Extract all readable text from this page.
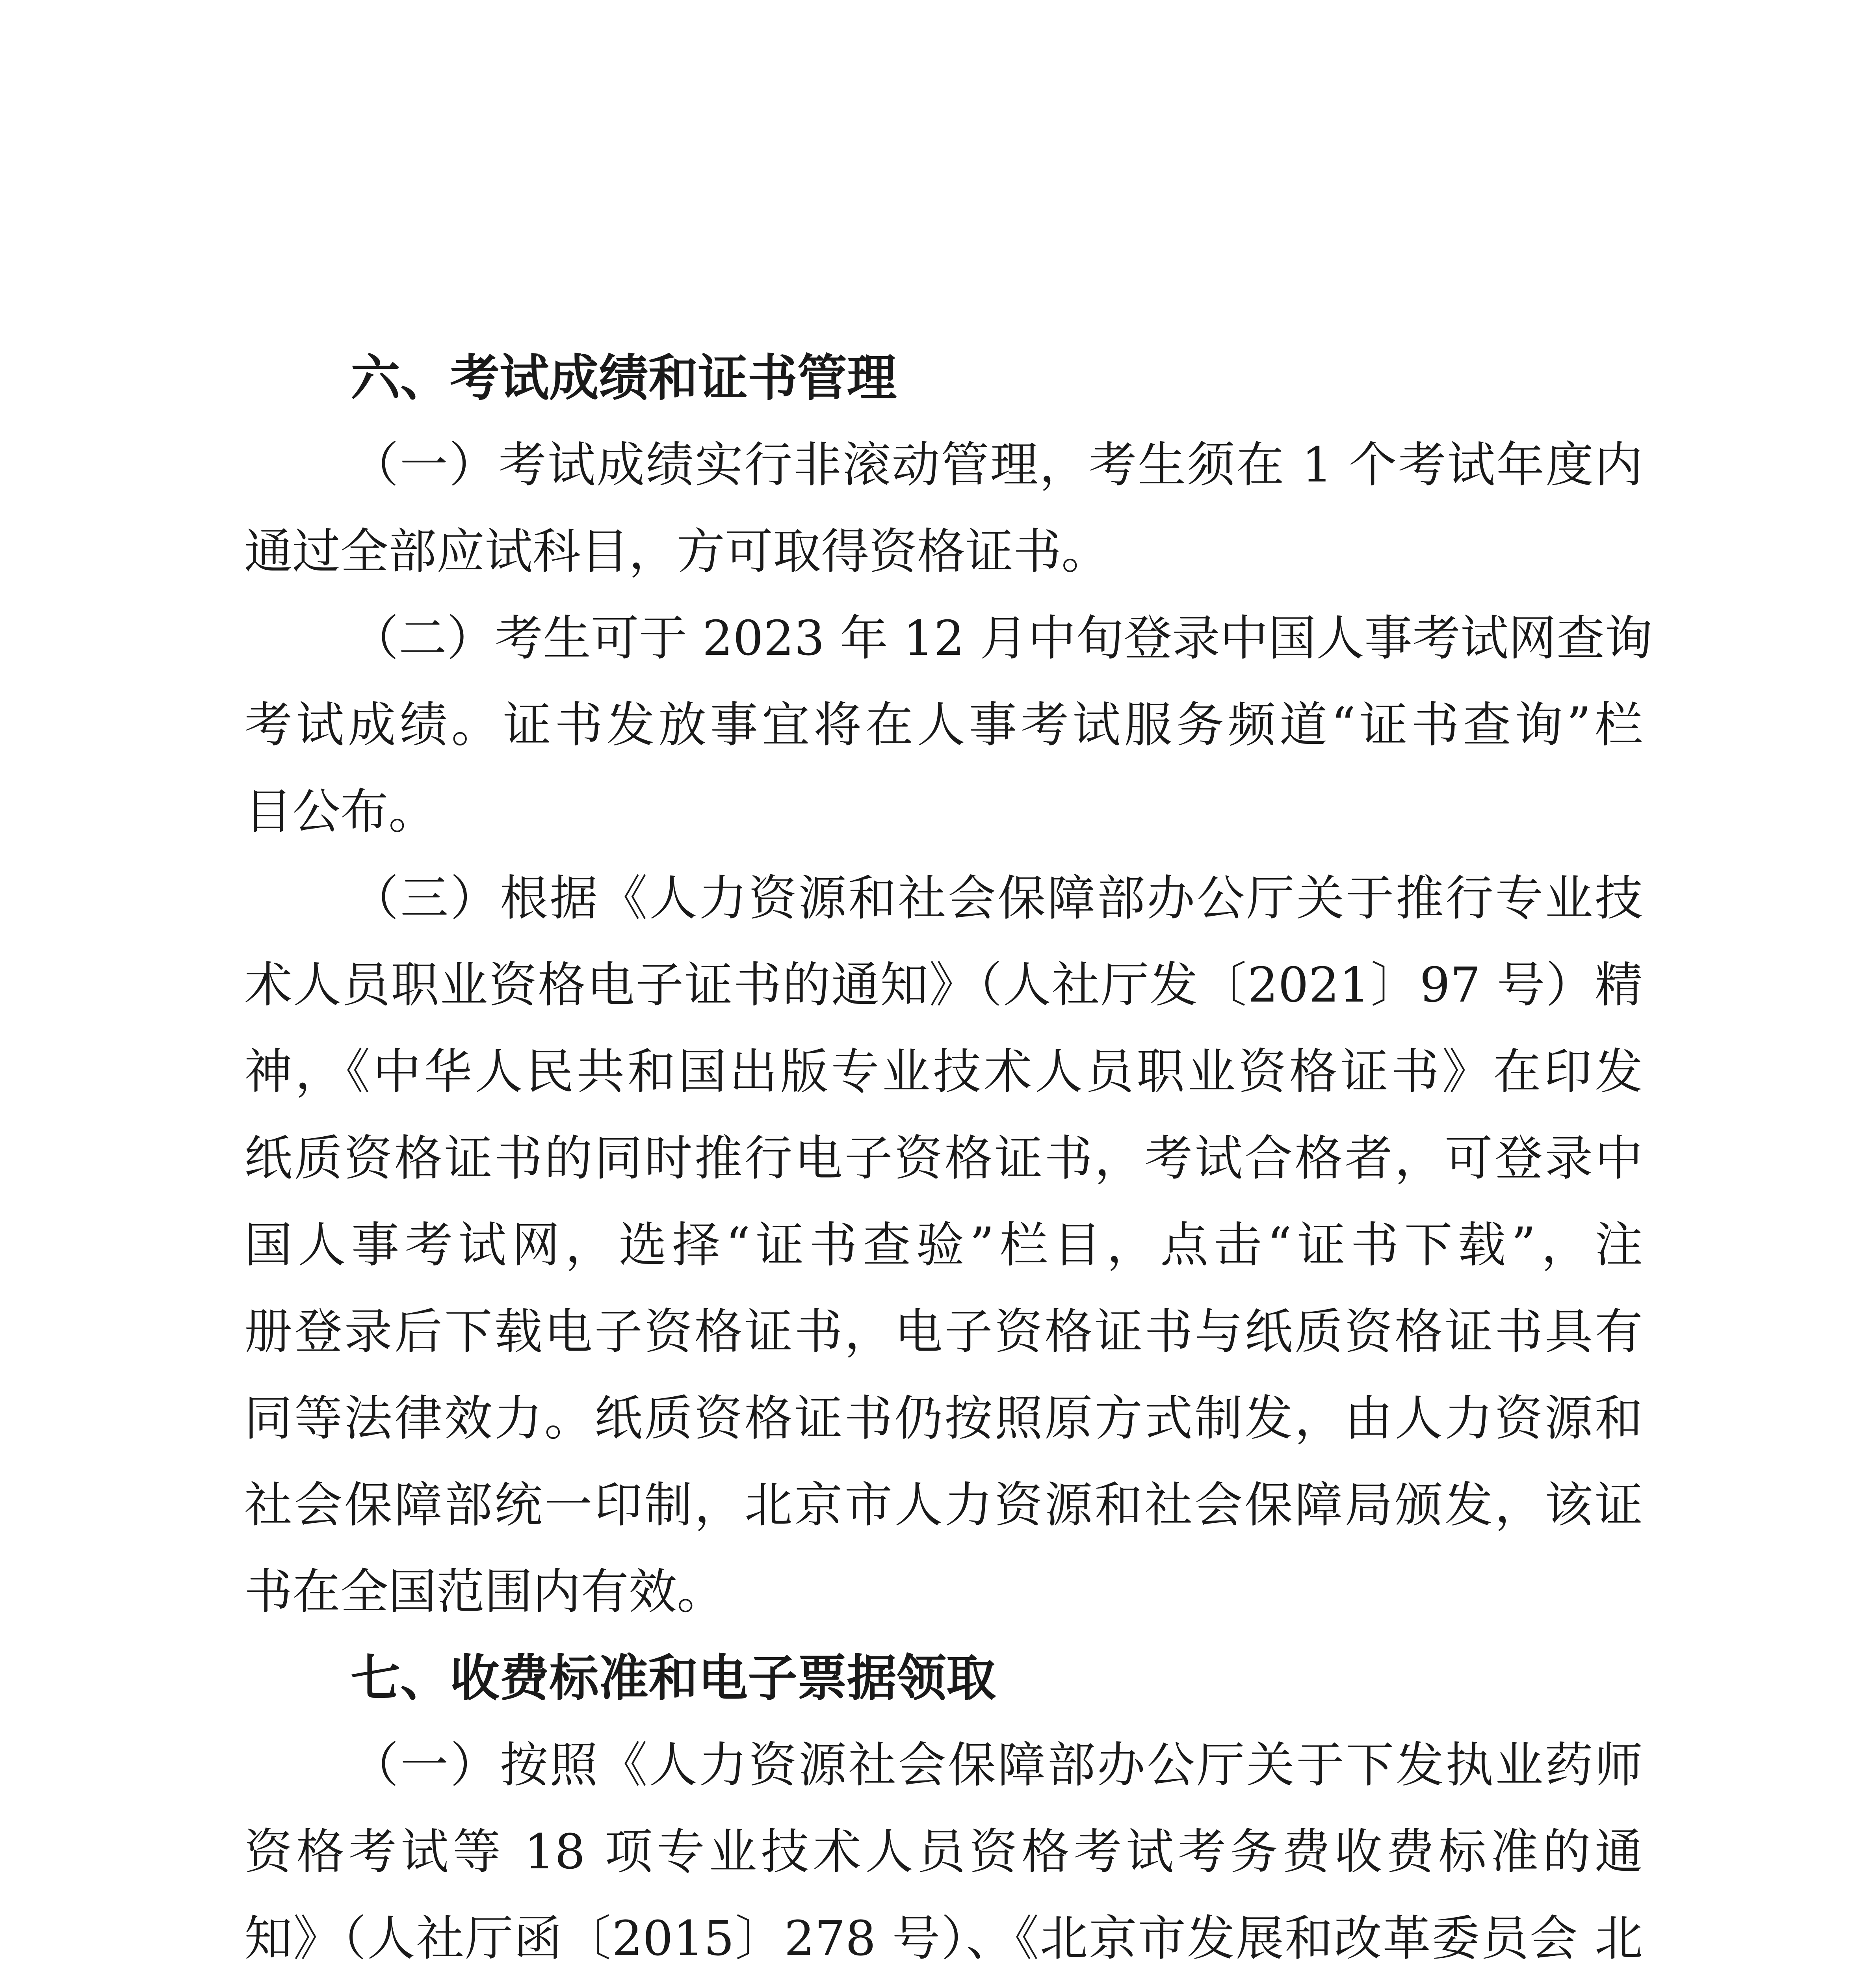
六、考试成绩和证书管理

（一）考试成绩实行非滚动管理，考生须在 1 个考试年度内

通过全部应试科目，方可取得资格证书。

（二）考生可于 2023 年 12 月中旬登录中国人事考试网查询

考试成绩。证书发放事宜将在人事考试服务频道“证书查询”栏

目公布。

（三）根据《人力资源和社会保障部办公厅关于推行专业技

术人员职业资格电子证书的通知》（人社厅发〔2021〕97 号）精

神，《中华人民共和国出版专业技术人员职业资格证书》在印发

纸质资格证书的同时推行电子资格证书，考试合格者，可登录中

国人事考试网，选择“证书查验”栏目，点击“证书下载”，注

册登录后下载电子资格证书，电子资格证书与纸质资格证书具有

同等法律效力。纸质资格证书仍按照原方式制发，由人力资源和

社会保障部统一印制，北京市人力资源和社会保障局颁发，该证

书在全国范围内有效。

七、收费标准和电子票据领取

（一）按照《人力资源社会保障部办公厅关于下发执业药师

资格考试等 18 项专业技术人员资格考试考务费收费标准的通

知》（人社厅函〔2015〕278 号）、《北京市发展和改革委员会 北
